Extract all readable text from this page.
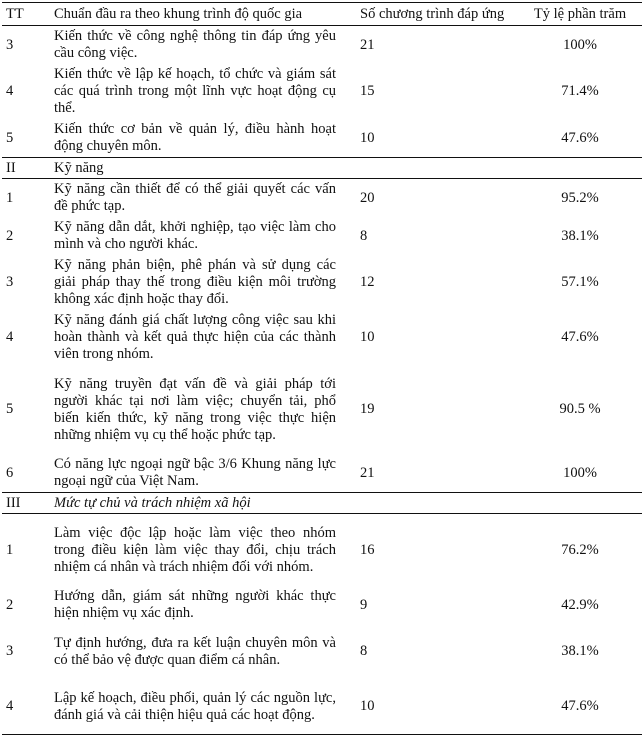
TT	Chuẩn đầu ra theo khung trình độ quốc gia	Số chương trình đáp ứng	Tỷ lệ phần trăm
3	Kiến thức về công nghệ thông tin đáp ứng yêu cầu công việc.	21	100%
4	Kiến thức về lập kế hoạch, tổ chức và giám sát các quá trình trong một lĩnh vực hoạt động cụ thể.	15	71.4%
5	Kiến thức cơ bản về quản lý, điều hành hoạt động chuyên môn.	10	47.6%
II	Kỹ năng		
1	Kỹ năng cần thiết để có thể giải quyết các vấn đề phức tạp.	20	95.2%
2	Kỹ năng dẫn dắt, khởi nghiệp, tạo việc làm cho mình và cho người khác.	8	38.1%
3	Kỹ năng phản biện, phê phán và sử dụng các giải pháp thay thế trong điều kiện môi trường không xác định hoặc thay đổi.	12	57.1%
4	Kỹ năng đánh giá chất lượng công việc sau khi hoàn thành và kết quả thực hiện của các thành viên trong nhóm.	10	47.6%
5	Kỹ năng truyền đạt vấn đề và giải pháp tới người khác tại nơi làm việc; chuyển tải, phổ biến kiến thức, kỹ năng trong việc thực hiện những nhiệm vụ cụ thể hoặc phức tạp.	19	90.5 %
6	Có năng lực ngoại ngữ bậc 3/6 Khung năng lực ngoại ngữ của Việt Nam.	21	100%
III	Mức tự chủ và trách nhiệm xã hội		
1	Làm việc độc lập hoặc làm việc theo nhóm trong điều kiện làm việc thay đổi, chịu trách nhiệm cá nhân và trách nhiệm đối với nhóm.	16	76.2%
2	Hướng dẫn, giám sát những người khác thực hiện nhiệm vụ xác định.	9	42.9%
3	Tự định hướng, đưa ra kết luận chuyên môn và có thể bảo vệ được quan điểm cá nhân.	8	38.1%
4	Lập kế hoạch, điều phối, quản lý các nguồn lực, đánh giá và cải thiện hiệu quả các hoạt động.	10	47.6%
